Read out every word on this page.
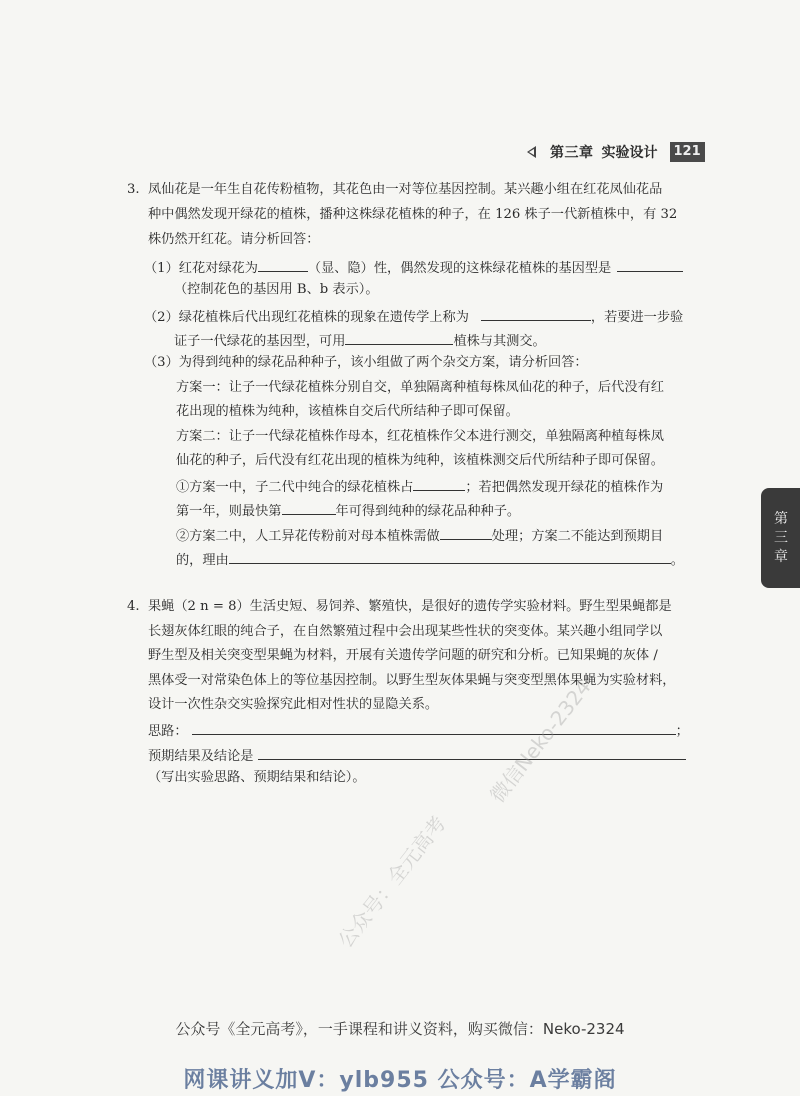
第三章 实验设计	121
3. 凤仙花是一年生自花传粉植物，其花色由一对等位基因控制。某兴趣小组在红花凤仙花品
种中偶然发现开绿花的植株，播种这株绿花植株的种子，在 126 株子一代新植株中，有 32
株仍然开红花。请分析回答：
（1）红花对绿花为	（显、隐）性，偶然发现的这株绿花植株的基因型是
（控制花色的基因用 B、b 表示）。
（2）绿花植株后代出现红花植株的现象在遗传学上称为	，若要进一步验
证子一代绿花的基因型，可用	植株与其测交。
（3）为得到纯种的绿花品种种子，该小组做了两个杂交方案，请分析回答：
方案一：让子一代绿花植株分别自交，单独隔离种植每株凤仙花的种子，后代没有红
花出现的植株为纯种，该植株自交后代所结种子即可保留。
方案二：让子一代绿花植株作母本，红花植株作父本进行测交，单独隔离种植每株凤
仙花的种子，后代没有红花出现的植株为纯种，该植株测交后代所结种子即可保留。
①方案一中，子二代中纯合的绿花植株占	；若把偶然发现开绿花的植株作为
第一年，则最快第	年可得到纯种的绿花品种种子。
②方案二中，人工异花传粉前对母本植株需做	处理；方案二不能达到预期目
的，理由	。
第三章
4. 果蝇（2 n = 8）生活史短、易饲养、繁殖快，是很好的遗传学实验材料。野生型果蝇都是
长翅灰体红眼的纯合子，在自然繁殖过程中会出现某些性状的突变体。某兴趣小组同学以
野生型及相关突变型果蝇为材料，开展有关遗传学问题的研究和分析。已知果蝇的灰体 /
黑体受一对常染色体上的等位基因控制。以野生型灰体果蝇与突变型黑体果蝇为实验材料，
设计一次性杂交实验探究此相对性状的显隐关系。
思路：	；
预期结果及结论是
（写出实验思路、预期结果和结论）。	微信Neko-2324
公众号：全元高考
公众号《全元高考》，一手课程和讲义资料，购买微信：Neko-2324
网课讲义加V：ylb955 公众号：A学霸阁
